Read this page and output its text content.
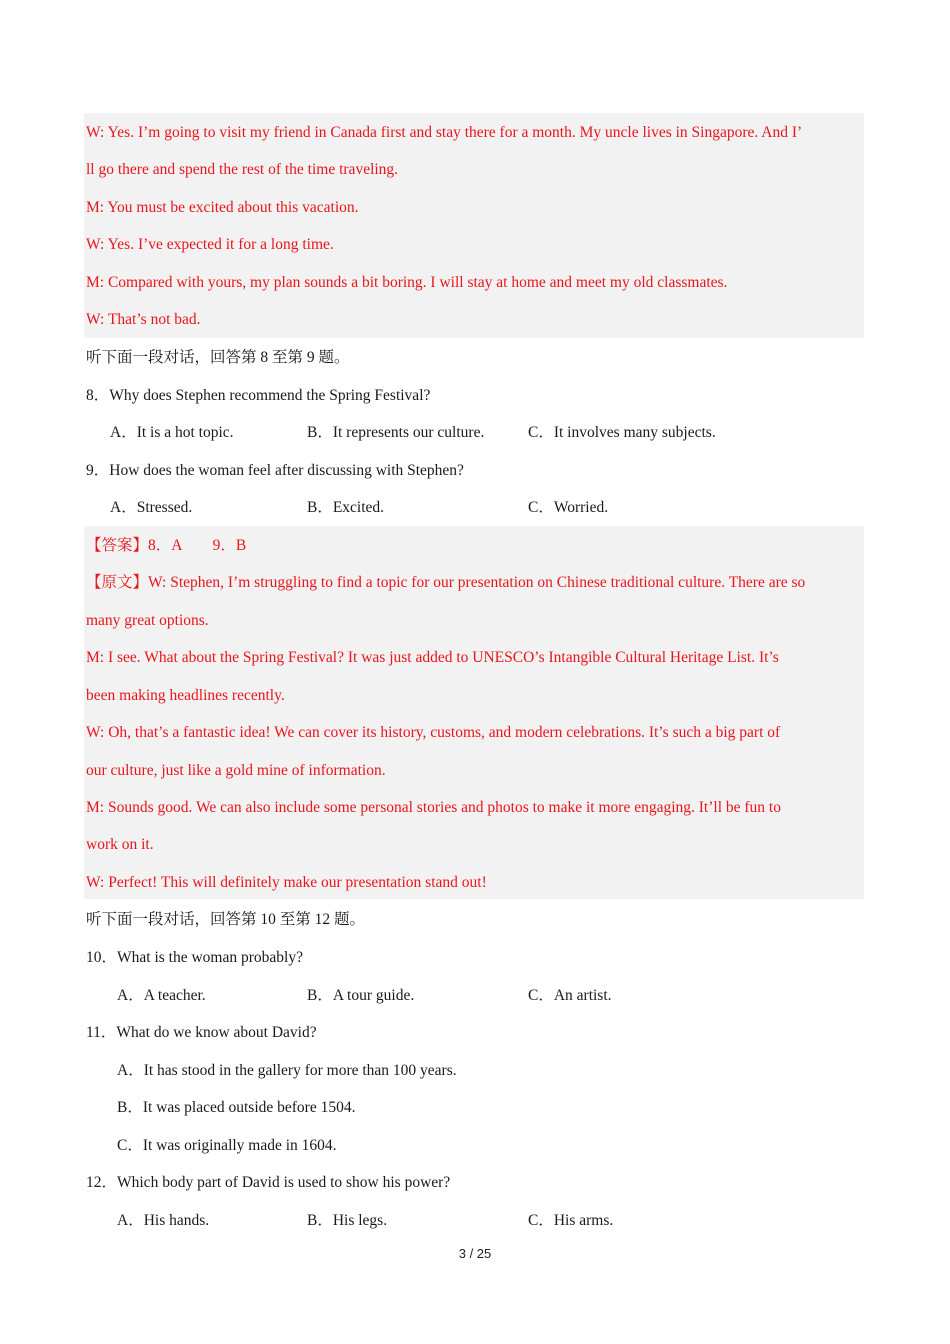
W: Yes. I’m going to visit my friend in Canada first and stay there for a month. My uncle lives in Singapore. And I’
ll go there and spend the rest of the time traveling.
M: You must be excited about this vacation.
W: Yes. I’ve expected it for a long time.
M: Compared with yours, my plan sounds a bit boring. I will stay at home and meet my old classmates.
W: That’s not bad.
听下面一段对话，回答第 8 至第 9 题。
8．Why does Stephen recommend the Spring Festival?
A．It is a hot topic.	B．It represents our culture.	C．It involves many subjects.
9．How does the woman feel after discussing with Stephen?
A．Stressed.	B．Excited.	C．Worried.
【答案】8．A　　9．B
【原文】W: Stephen, I’m struggling to find a topic for our presentation on Chinese traditional culture. There are so
many great options.
M: I see. What about the Spring Festival? It was just added to UNESCO’s Intangible Cultural Heritage List. It’s
been making headlines recently.
W: Oh, that’s a fantastic idea! We can cover its history, customs, and modern celebrations. It’s such a big part of
our culture, just like a gold mine of information.
M: Sounds good. We can also include some personal stories and photos to make it more engaging. It’ll be fun to
work on it.
W: Perfect! This will definitely make our presentation stand out!
听下面一段对话，回答第 10 至第 12 题。
10．What is the woman probably?
A．A teacher.	B．A tour guide.	C．An artist.
11．What do we know about David?
A．It has stood in the gallery for more than 100 years.
B．It was placed outside before 1504.
C．It was originally made in 1604.
12．Which body part of David is used to show his power?
A．His hands.	B．His legs.	C．His arms.
3 / 25
